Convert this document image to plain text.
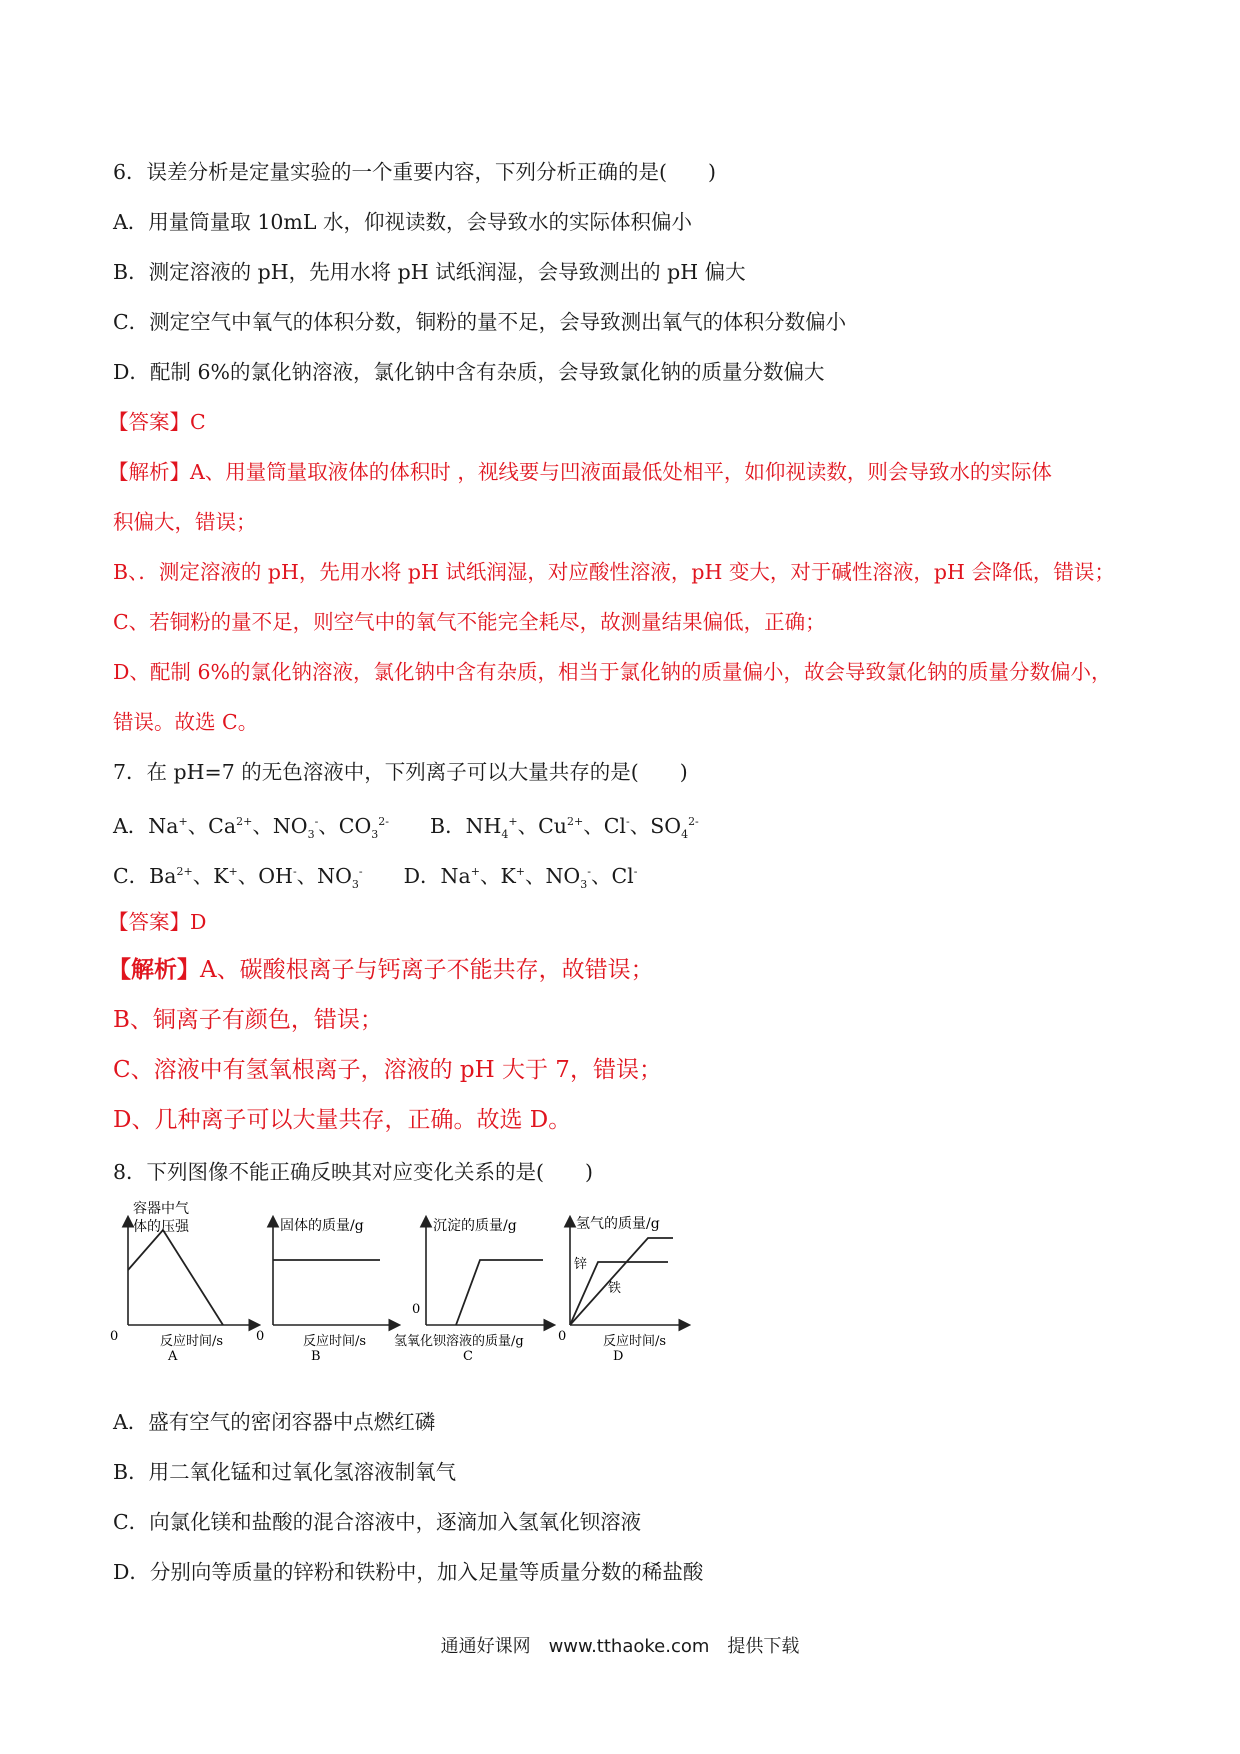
6．误差分析是定量实验的一个重要内容，下列分析正确的是(　　)
A．用量筒量取 10mL 水，仰视读数，会导致水的实际体积偏小
B．测定溶液的 pH，先用水将 pH 试纸润湿，会导致测出的 pH 偏大
C．测定空气中氧气的体积分数，铜粉的量不足，会导致测出氧气的体积分数偏小
D．配制 6%的氯化钠溶液，氯化钠中含有杂质，会导致氯化钠的质量分数偏大
【答案】C
【解析】A、用量筒量取液体的体积时 ，视线要与凹液面最低处相平，如仰视读数，则会导致水的实际体
积偏大，错误；
B、．测定溶液的 pH，先用水将 pH 试纸润湿，对应酸性溶液，pH 变大，对于碱性溶液，pH 会降低，错误；
C、若铜粉的量不足，则空气中的氧气不能完全耗尽，故测量结果偏低，正确；
D、配制 6%的氯化钠溶液，氯化钠中含有杂质，相当于氯化钠的质量偏小，故会导致氯化钠的质量分数偏小，
错误。故选 C。
7．在 pH=7 的无色溶液中，下列离子可以大量共存的是(　　)
A．Na+、$Ca^{2+}$、$NO_3^-$、$CO_3^{2-}$　　B．$NH_4^+$、$Cu^{2+}$、Cl-、$SO_4^{2-}$
C．$Ba^{2+}$、K+、OH-、$NO_3^-$　　D．Na+、K+、$NO_3^-$、Cl-
【答案】D
【解析】A、碳酸根离子与钙离子不能共存，故错误；
B、铜离子有颜色，错误；
C、溶液中有氢氧根离子，溶液的 pH 大于 7，错误；
D、几种离子可以大量共存，正确。故选 D。
8．下列图像不能正确反映其对应变化关系的是(　　)
容器中气
体的压强
0	反应时间/s
A
固体的质量/g
0	反应时间/s
B
沉淀的质量/g
0
氢氧化钡溶液的质量/g
C
氢气的质量/g
锌
铁
0	反应时间/s
D
A．盛有空气的密闭容器中点燃红磷
B．用二氧化锰和过氧化氢溶液制氧气
C．向氯化镁和盐酸的混合溶液中，逐滴加入氢氧化钡溶液
D．分别向等质量的锌粉和铁粉中，加入足量等质量分数的稀盐酸
通通好课网　www.tthaoke.com　提供下载
